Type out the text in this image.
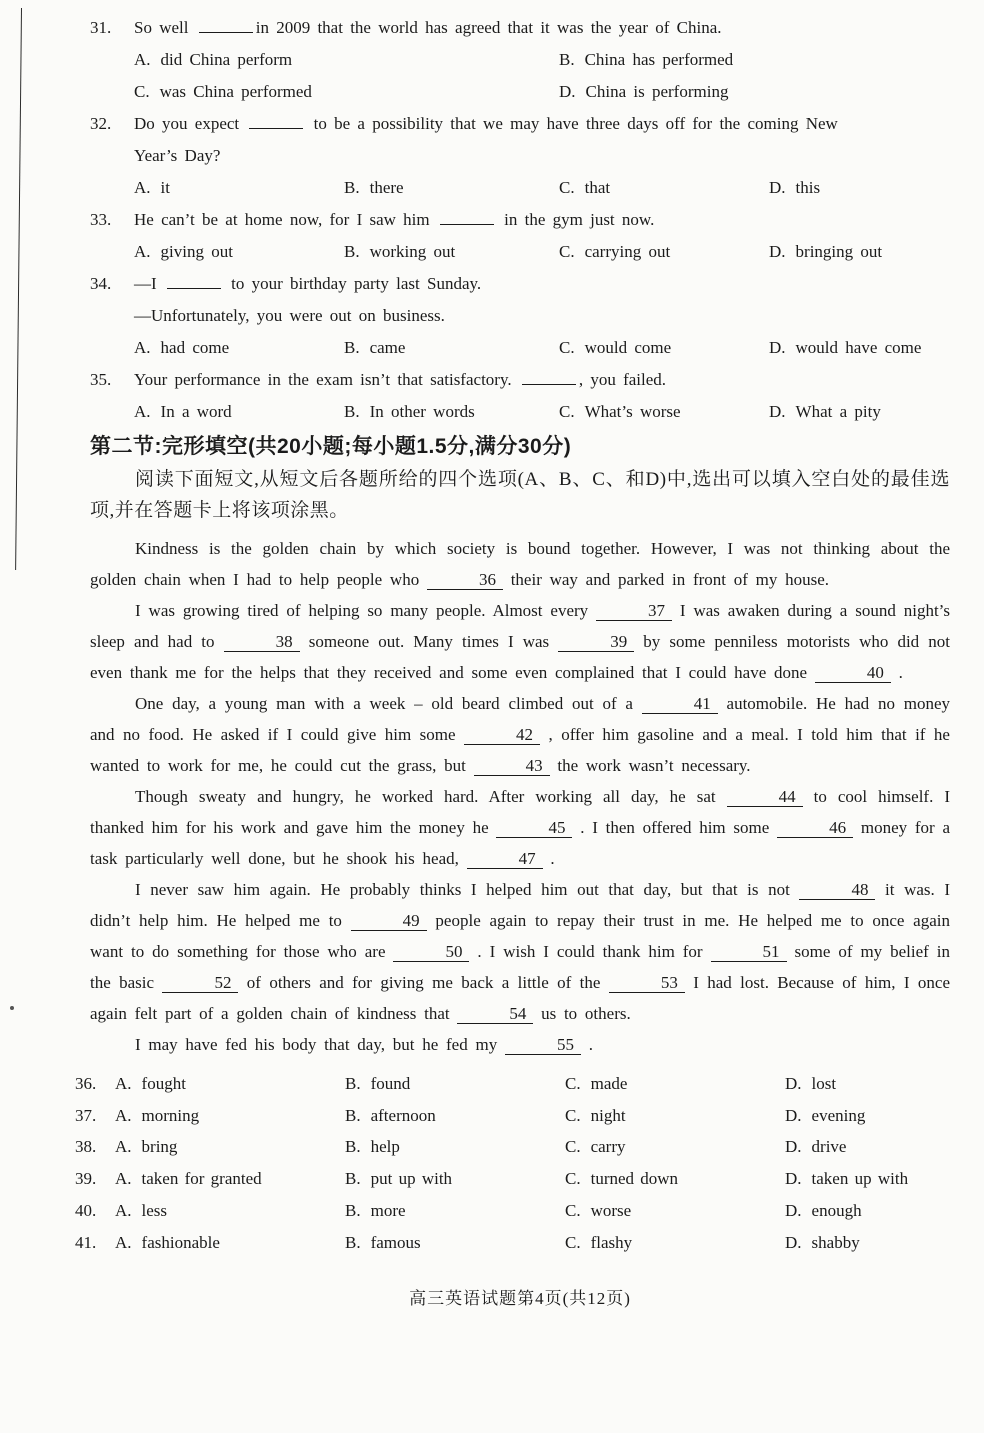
31.	So well	in 2009 that the world has agreed that it was the year of China.
A. did China perform	B. China has performed
C. was China performed	D. China is performing
32.	Do you expect	to be a possibility that we may have three days off for the coming New
Year’s Day?
A. it	B. there	C. that	D. this
33.	He can’t be at home now, for I saw him	in the gym just now.
A. giving out	B. working out	C. carrying out	D. bringing out
34.	—I	to your birthday party last Sunday.
—Unfortunately, you were out on business.
A. had come	B. came	C. would come	D. would have come
35.	Your performance in the exam isn’t that satisfactory.	, you failed.
A. In a word	B. In other words	C. What’s worse	D. What a pity
第二节:完形填空(共20小题;每小题1.5分,满分30分)

阅读下面短文,从短文后各题所给的四个选项(A、B、C、和D)中,选出可以填入空白处的最佳选项,并在答题卡上将该项涂黑。

Kindness is the golden chain by which society is bound together. However, I was not thinking about the golden chain when I had to help people who	36 their way and parked in front of my house.

I was growing tired of helping so many people. Almost every	37 I was awaken during a sound night’s sleep and had to	38 someone out. Many times I was	39 by some penniless motorists who did not even thank me for the helps that they received and some even complained that I could have done	40 .

One day, a young man with a week – old beard climbed out of a	41 automobile. He had no money and no food. He asked if I could give him some	42 , offer him gasoline and a meal. I told him that if he wanted to work for me, he could cut the grass, but	43 the work wasn’t necessary.

Though sweaty and hungry, he worked hard. After working all day, he sat	44 to cool himself. I thanked him for his work and gave him the money he	45 . I then offered him some	46 money for a task particularly well done, but he shook his head,	47 .

I never saw him again. He probably thinks I helped him out that day, but that is not	48 it was. I didn’t help him. He helped me to	49 people again to repay their trust in me. He helped me to once again want to do something for those who are	50 . I wish I could thank him for	51 some of my belief in the basic	52 of others and for giving me back a little of the	53 I had lost. Because of him, I once again felt part of a golden chain of kindness that	54 us to others.

I may have fed his body that day, but he fed my	55 .

36.	A. fought	B. found	C. made	D. lost
37.	A. morning	B. afternoon	C. night	D. evening
38.	A. bring	B. help	C. carry	D. drive
39.	A. taken for granted	B. put up with	C. turned down	D. taken up with
40.	A. less	B. more	C. worse	D. enough
41.	A. fashionable	B. famous	C. flashy	D. shabby
高三英语试题第4页(共12页)
